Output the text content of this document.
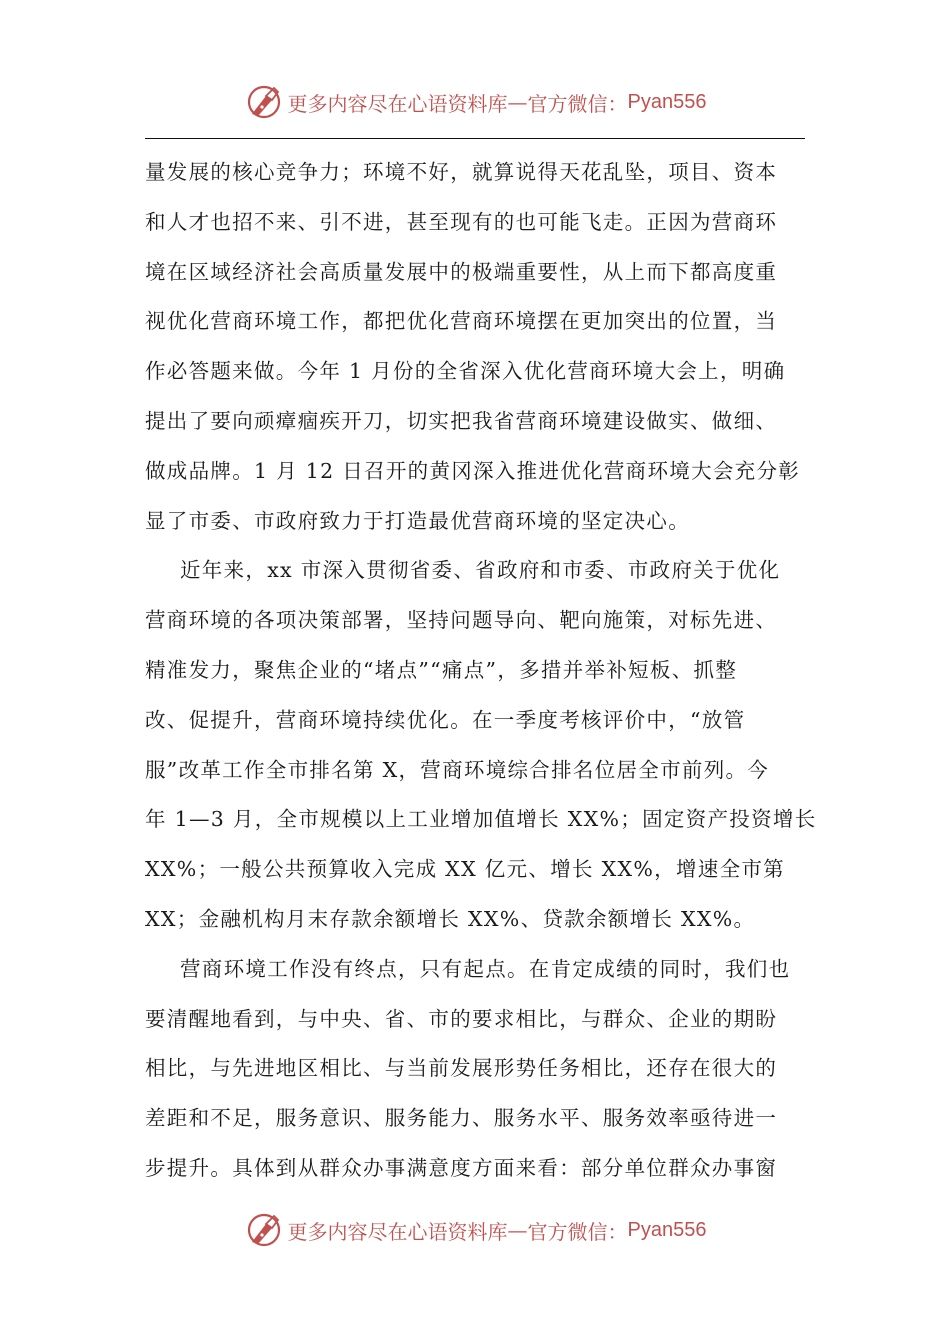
更多内容尽在心语资料库 — 官方微信： Pyan556
量发展的核心竞争力；环境不好，就算说得天花乱坠，项目、资本
和人才也招不来、引不进，甚至现有的也可能飞走。正因为营商环
境在区域经济社会高质量发展中的极端重要性，从上而下都高度重
视优化营商环境工作，都把优化营商环境摆在更加突出的位置，当
作必答题来做。今年 1 月份的全省深入优化营商环境大会上，明确
提出了要向顽瘴痼疾开刀，切实把我省营商环境建设做实、做细、
做成品牌。1 月 12 日召开的黄冈深入推进优化营商环境大会充分彰
显了市委、市政府致力于打造最优营商环境的坚定决心。
近年来，xx 市深入贯彻省委、省政府和市委、市政府关于优化
营商环境的各项决策部署，坚持问题导向、靶向施策，对标先进、
精准发力，聚焦企业的“堵点”“痛点”，多措并举补短板、抓整
改、促提升，营商环境持续优化。在一季度考核评价中，“放管
服”改革工作全市排名第 X，营商环境综合排名位居全市前列。今
年 1—3 月，全市规模以上工业增加值增长 XX%；固定资产投资增长
XX%；一般公共预算收入完成 XX 亿元、增长 XX%，增速全市第
XX；金融机构月末存款余额增长 XX%、贷款余额增长 XX%。
营商环境工作没有终点，只有起点。在肯定成绩的同时，我们也
要清醒地看到，与中央、省、市的要求相比，与群众、企业的期盼
相比，与先进地区相比、与当前发展形势任务相比，还存在很大的
差距和不足，服务意识、服务能力、服务水平、服务效率亟待进一
步提升。具体到从群众办事满意度方面来看：部分单位群众办事窗
更多内容尽在心语资料库 — 官方微信： Pyan556
